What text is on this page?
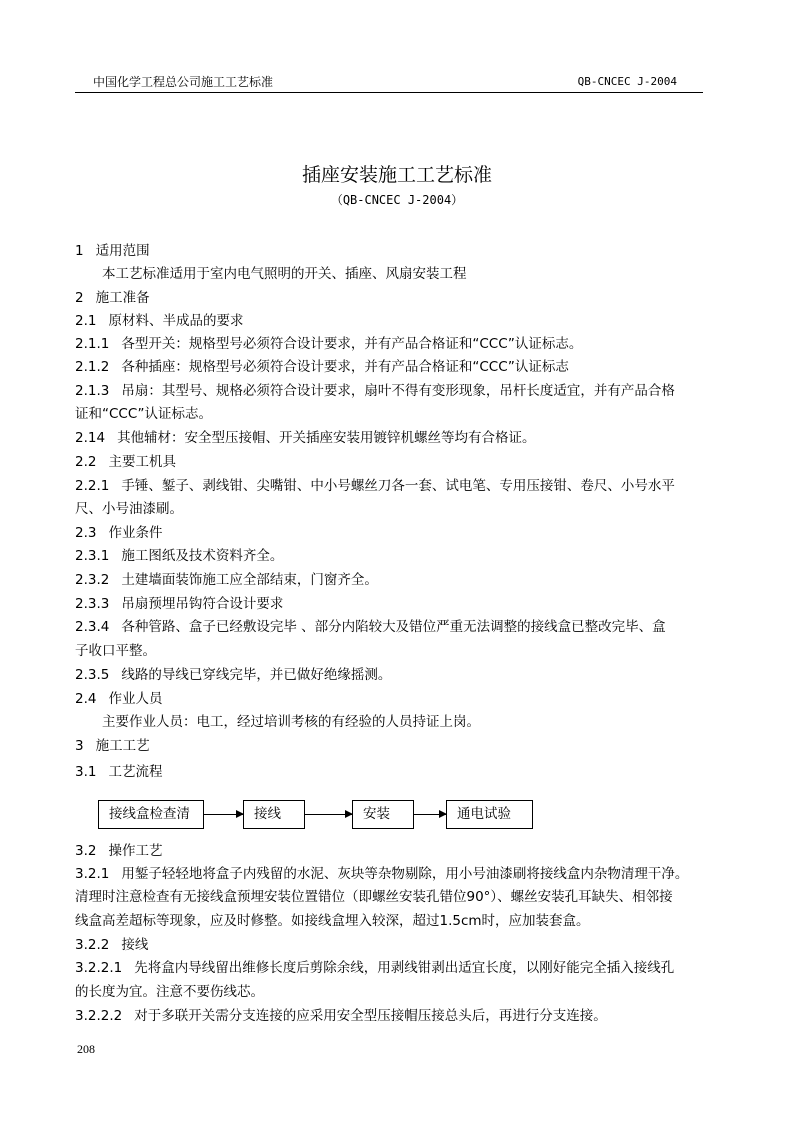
中国化学工程总公司施工工艺标准	QB-CNCEC J-2004
插座安装施工工艺标准
（QB-CNCEC J-2004）
1 适用范围
本工艺标准适用于室内电气照明的开关、插座、风扇安装工程
2 施工准备
2.1 原材料、半成品的要求
2.1.1 各型开关：规格型号必须符合设计要求，并有产品合格证和“CCC”认证标志。
2.1.2 各种插座：规格型号必须符合设计要求，并有产品合格证和“CCC”认证标志
2.1.3 吊扇：其型号、规格必须符合设计要求，扇叶不得有变形现象，吊杆长度适宜，并有产品合格
证和“CCC”认证标志。
2.14 其他辅材：安全型压接帽、开关插座安装用镀锌机螺丝等均有合格证。
2.2 主要工机具
2.2.1 手锤、錾子、剥线钳、尖嘴钳、中小号螺丝刀各一套、试电笔、专用压接钳、卷尺、小号水平
尺、小号油漆刷。
2.3 作业条件
2.3.1 施工图纸及技术资料齐全。
2.3.2 土建墙面装饰施工应全部结束，门窗齐全。
2.3.3 吊扇预埋吊钩符合设计要求
2.3.4 各种管路、盒子已经敷设完毕 、部分内陷较大及错位严重无法调整的接线盒已整改完毕、盒
子收口平整。
2.3.5 线路的导线已穿线完毕，并已做好绝缘摇测。
2.4 作业人员
主要作业人员：电工，经过培训考核的有经验的人员持证上岗。
3 施工工艺
3.1 工艺流程
3.2 操作工艺
3.2.1 用錾子轻轻地将盒子内残留的水泥、灰块等杂物剔除，用小号油漆刷将接线盒内杂物清理干净。
清理时注意检查有无接线盒预埋安装位置错位（即螺丝安装孔错位90°）、螺丝安装孔耳缺失、相邻接
线盒高差超标等现象，应及时修整。如接线盒埋入较深，超过1.5cm时，应加装套盒。
3.2.2 接线
3.2.2.1 先将盒内导线留出维修长度后剪除余线，用剥线钳剥出适宜长度，以刚好能完全插入接线孔
的长度为宜。注意不要伤线芯。
3.2.2.2 对于多联开关需分支连接的应采用安全型压接帽压接总头后，再进行分支连接。
接线盒检查清	接线	安装	通电试验
208
